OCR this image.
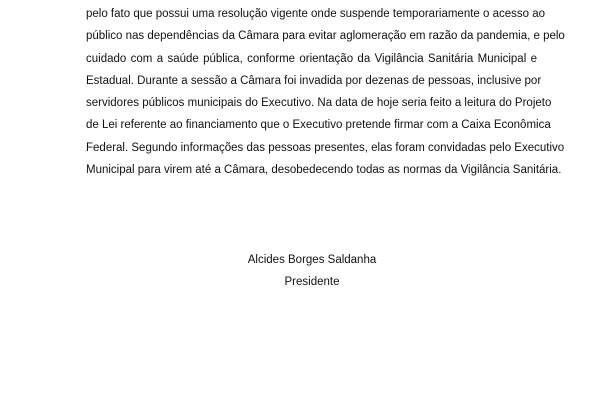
pelo fato que possui uma resolução vigente onde suspende temporariamente o acesso ao
público nas dependências da Câmara para evitar aglomeração em razão da pandemia, e pelo
cuidado com a saúde pública, conforme orientação da Vigilância Sanitária Municipal e
Estadual. Durante a sessão a Câmara foi invadida por dezenas de pessoas, inclusive por
servidores públicos municipais do Executivo. Na data de hoje seria feito a leitura do Projeto
de Lei referente ao financiamento que o Executivo pretende firmar com a Caixa Econômica
Federal. Segundo informações das pessoas presentes, elas foram convidadas pelo Executivo
Municipal para virem até a Câmara, desobedecendo todas as normas da Vigilância Sanitária.
Alcides Borges Saldanha
Presidente
